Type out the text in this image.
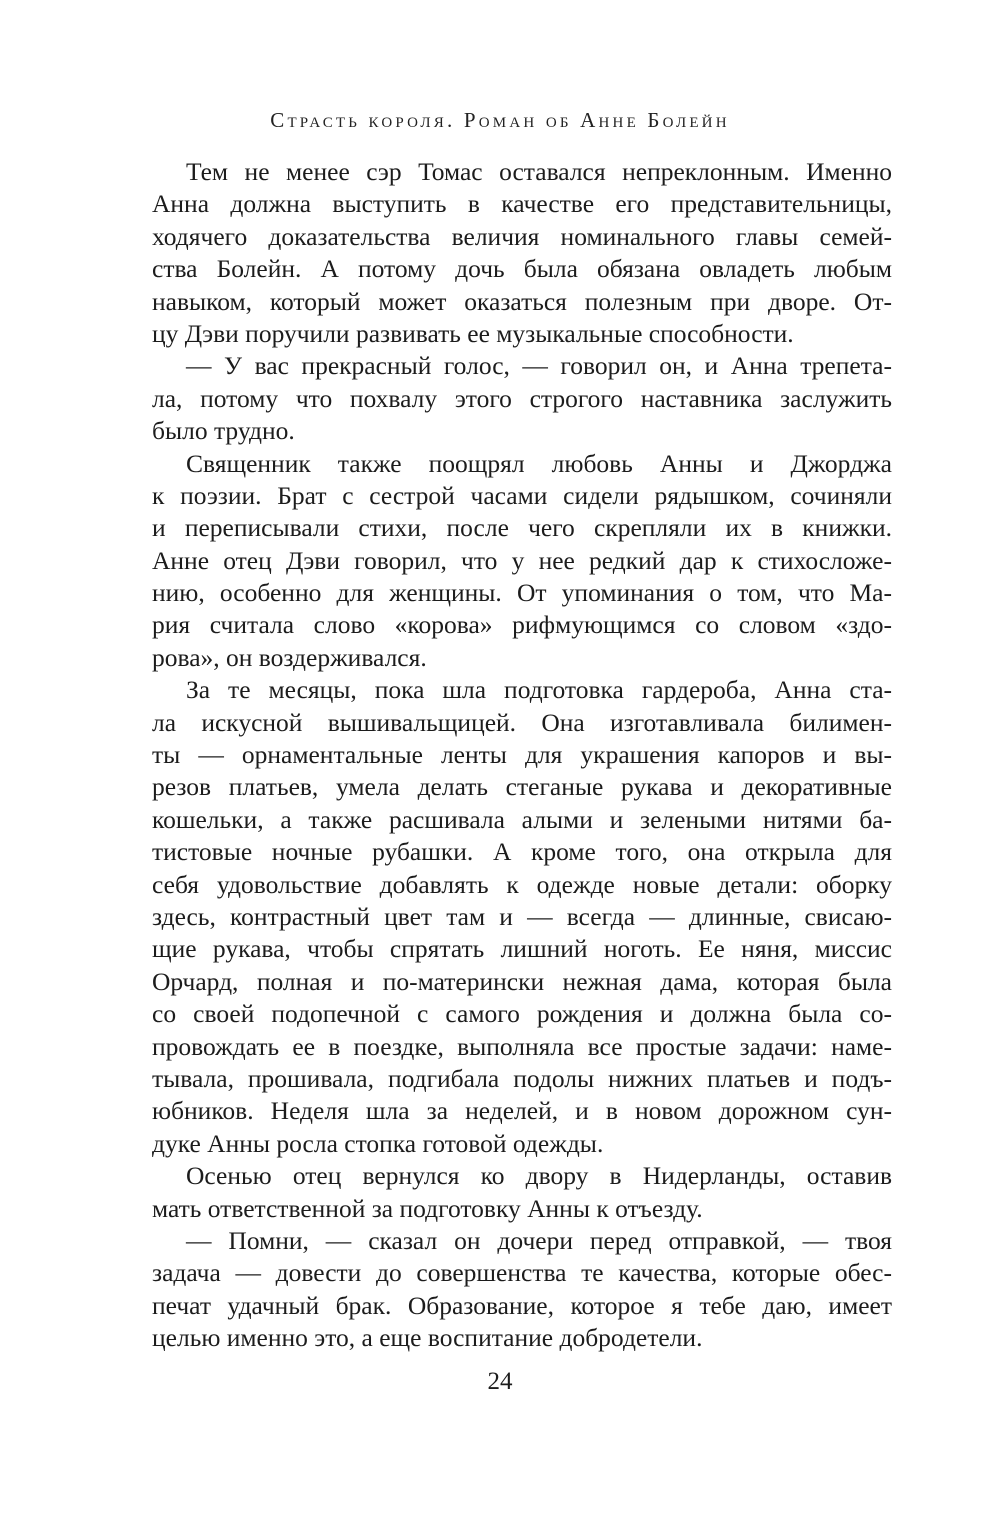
Страсть короля. Роман об Анне Болейн
Тем не менее сэр Томас оставался непреклонным. Именно
Анна должна выступить в качестве его представительницы,
ходячего доказательства величия номинального главы семей-
ства Болейн. А потому дочь была обязана овладеть любым
навыком, который может оказаться полезным при дворе. От-
цу Дэви поручили развивать ее музыкальные способности.
— У вас прекрасный голос, — говорил он, и Анна трепета-
ла, потому что похвалу этого строгого наставника заслужить
было трудно.
Священник также поощрял любовь Анны и Джорджа
к поэзии. Брат с сестрой часами сидели рядышком, сочиняли
и переписывали стихи, после чего скрепляли их в книжки.
Анне отец Дэви говорил, что у нее редкий дар к стихосложе-
нию, особенно для женщины. От упоминания о том, что Ма-
рия считала слово «корова» рифмующимся со словом «здо-
рова», он воздерживался.
За те месяцы, пока шла подготовка гардероба, Анна ста-
ла искусной вышивальщицей. Она изготавливала билимен-
ты — орнаментальные ленты для украшения капоров и вы-
резов платьев, умела делать стеганые рукава и декоративные
кошельки, а также расшивала алыми и зелеными нитями ба-
тистовые ночные рубашки. А кроме того, она открыла для
себя удовольствие добавлять к одежде новые детали: оборку
здесь, контрастный цвет там и — всегда — длинные, свисаю-
щие рукава, чтобы спрятать лишний ноготь. Ее няня, миссис
Орчард, полная и по-матерински нежная дама, которая была
со своей подопечной с самого рождения и должна была со-
провождать ее в поездке, выполняла все простые задачи: наме-
тывала, прошивала, подгибала подолы нижних платьев и подъ-
юбников. Неделя шла за неделей, и в новом дорожном сун-
дуке Анны росла стопка готовой одежды.
Осенью отец вернулся ко двору в Нидерланды, оставив
мать ответственной за подготовку Анны к отъезду.
— Помни, — сказал он дочери перед отправкой, — твоя
задача — довести до совершенства те качества, которые обес-
печат удачный брак. Образование, которое я тебе даю, имеет
целью именно это, а еще воспитание добродетели.
24
